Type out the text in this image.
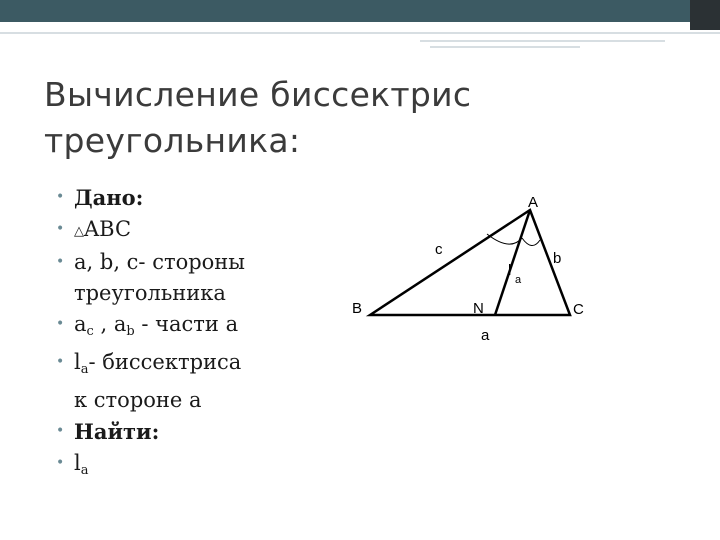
Вычисление биссектрис
треугольника:
• Дано:
• △ABC
• a, b, c- стороны
треугольника
• $a_c$ , $a_b$ - части a
• $l_a-$ биссектриса
к стороне a
• Найти:
• $l_a$
A
B	C
N
a
b
c
l
a
